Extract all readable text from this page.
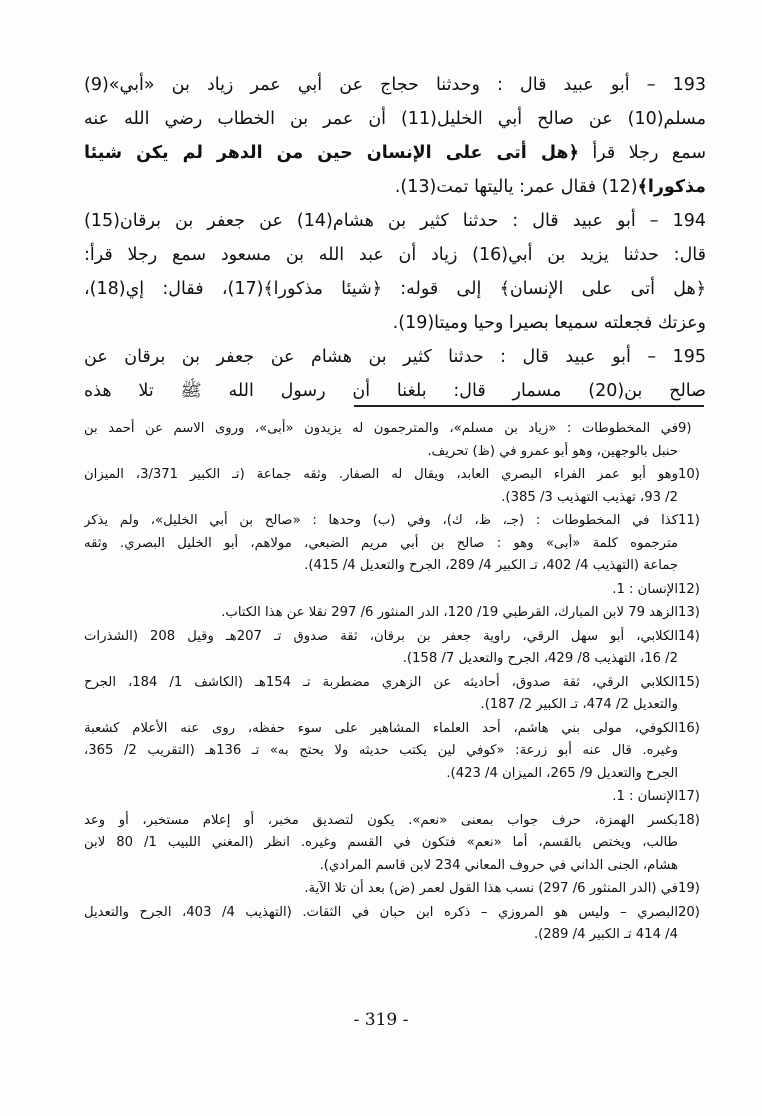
193 – أبو عبيد قال : وحدثنا حجاج عن أبي عمر زياد بن «أبي»(9)
مسلم(10) عن صالح أبي الخليل(11) أن عمر بن الخطاب رضي الله عنه
سمع رجلا قرأ ﴿هل أتى على الإنسان حين من الدهر لم يكن شيئا
مذكورا﴾(12) فقال عمر: ياليتها تمت(13).
194 – أبو عبيد قال : حدثنا كثير بن هشام(14) عن جعفر بن برقان(15)
قال: حدثنا يزيد بن أبي(16) زياد أن عبد الله بن مسعود سمع رجلا قرأ:
﴿هل أتى على الإنسان﴾ إلى قوله: ﴿شيئا مذكورا﴾(17)، فقال: إي(18)،
وعزتك فجعلته سميعا بصيرا وحيا وميتا(19).
195 – أبو عبيد قال : حدثنا كثير بن هشام عن جعفر بن برقان عن
صالح بن(20) مسمار قال: بلغنا أن رسول الله ﷺ تلا هذه
9)
في المخطوطات : «زياد بن مسلم»، والمترجمون له يزيدون «أبى»، وروى الاسم عن أحمد بن
حنبل بالوجهين، وهو أبو عمرو في (ظ) تحريف.
10)
وهو أبو عمر الفراء البصري العابد، ويقال له الصفار. وثقه جماعة (تـ الكبير 3/371، الميزان
2/ 93، تهذيب التهذيب 3/ 385).
11)
كذا في المخطوطات : (جـ، ظ، ك)، وفي (ب) وحدها : «صالح بن أبي الخليل»، ولم يذكر
مترجموه كلمة «أبى» وهو : صالح بن أبي مريم الضبعي، مولاهم، أبو الخليل البصري. وثقه
جماعة (التهذيب 4/ 402، تـ الكبير 4/ 289، الجرح والتعديل 4/ 415).
12)
الإنسان : 1.
13)
الزهد 79 لابن المبارك، القرطبي 19/ 120، الدر المنثور 6/ 297 نقلا عن هذا الكتاب.
14)
الكلابي، أبو سهل الرقي، راوية جعفر بن برقان، ثقة صدوق تـ 207هـ وقيل 208 (الشذرات
2/ 16، التهذيب 8/ 429، الجرح والتعديل 7/ 158).
15)
الكلابي الرقي، ثقة صدوق، أحاديثه عن الزهري مضطربة تـ 154هـ (الكاشف 1/ 184، الجرح
والتعديل 2/ 474، تـ الكبير 2/ 187).
16)
الكوفي، مولى بني هاشم، أحد العلماء المشاهير على سوء حفظه، روى عنه الأعلام كشعبة
وغيره. قال عنه أبو زرعة: «كوفي لين يكتب حديثه ولا يحتج به» تـ 136هـ (التقريب 2/ 365،
الجرح والتعديل 9/ 265، الميزان 4/ 423).
17)
الإنسان : 1.
18)
بكسر الهمزة، حرف جواب بمعنى «نعم». يكون لتصديق مخبر، أو إعلام مستخبر، أو وعد
طالب، ويختص بالقسم، أما «نعم» فتكون في القسم وغيره. انظر (المغني اللبيب 1/ 80 لابن
هشام، الجنى الداني في حروف المعاني 234 لابن قاسم المرادي).
19)
في (الدر المنثور 6/ 297) نسب هذا القول لعمر (ض) بعد أن تلا الآية.
20)
البصري – وليس هو المروزي – ذكره ابن حبان في الثقات. (التهذيب 4/ 403، الجرح والتعديل
4/ 414 تـ الكبير 4/ 289).
- 319 -
